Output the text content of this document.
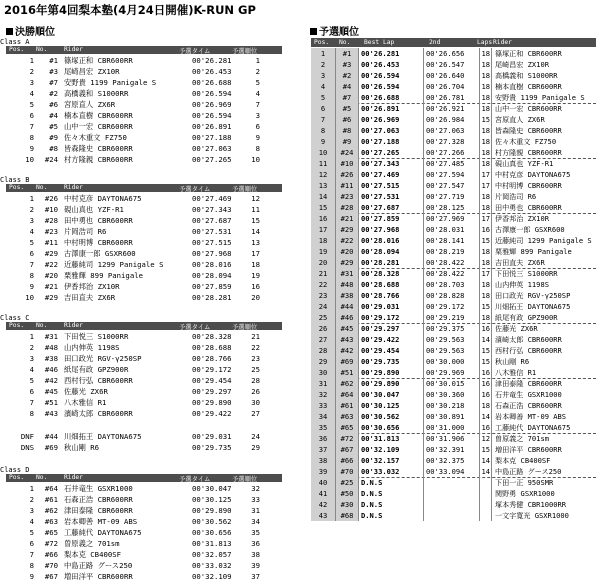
2016年第4回梨本塾(4月24日開催)K-RUN GP
決勝順位	予選順位
Class A
Pos. No.	Rider	予選タイム	予選順位
1	#1 篠塚正和 CBR600RR	00'26.281	1
2	#3 尾崎昌宏 ZX10R	00'26.453	2
3	#7 安野貴 1199 Panigale S	00'26.688	5
4	#2 高橋義和 S1000RR	00'26.594	4
5	#6 宮原直人 ZX6R	00'26.969	7
6	#4 楠本直樹 CBR600RR	00'26.594	3
7	#5 山中一宏 CBR600RR	00'26.891	6
8	#9 佐々木重文 FZ750	00'27.188	9
9	#8 皆森隆史 CBR600RR	00'27.063	8
10	#24 村方隆親 CBR600RR	00'27.265	10
Class B
Pos. No.	Rider	予選タイム	予選順位
1	#26 中村克彦 DAYTONA675	00'27.469	12
2	#10 硯山真也 YZF-R1	00'27.343	11
3	#28 田中勇也 CBR600RR	00'27.687	15
4	#23 片岡浩司 R6	00'27.531	14
5	#11 中村明博 CBR600RR	00'27.515	13
6	#29 古澤康一郎 GSXR600	00'27.968	17
7	#22 近藤純司 1299 Panigale S	00'28.016	18
8	#20 栗雅輝 899 Panigale	00'28.094	19
9	#21 伊香邦治 ZX10R	00'27.859	16
10	#29 吉田直夫 ZX6R	00'28.281	20
Class C
Pos. No.	Rider	予選タイム	予選順位
1	#31 下田悦三 S1000RR	00'28.328	21
2	#48 山内伸英 1198S	00'28.688	22
3	#38 田口政光 RGV-γ250SP	00'28.766	23
4	#46 紙尾有政 GPZ900R	00'29.172	25
5	#42 西村行弘 CBR600RR	00'29.454	28
6	#45 佐藤光 ZX6R	00'29.297	26
7	#51 八木雅信 R1	00'29.890	30
8	#43 濱崎太郎 CBR600RR	00'29.422	27
DNF	#44 川畑拓王 DAYTONA675	00'29.031	24
DNS	#69 秋山剛 R6	00'29.735	29
Class D
Pos. No.	Rider	予選タイム	予選順位
1	#64 石井竜生 GSXR1000	00'30.047	32
2	#61 石森正浩 CBR600RR	00'30.125	33
3	#62 津田泰隆 CBR600RR	00'29.890	31
4	#63 岩本卿善 MT-09 ABS	00'30.562	34
5	#65 工藤純代 DAYTONA675	00'30.656	35
6	#72 曽原義之 701sm	00'31.813	36
7	#66 梨本克 CB400SF	00'32.057	38
8	#70 中島正路 グース250	00'33.032	39
9	#67 増田洋平 CBR600RR	00'32.109	37
Pos. No. Best Lap	2nd	Laps Rider
1	#1	00'26.281	00'26.656	18 篠塚正和 CBR600RR
2	#3	00'26.453	00'26.547	18 尾崎昌宏 ZX10R
3	#2	00'26.594	00'26.640	18 高橋義和 S1000RR
4	#4	00'26.594	00'26.704	18 楠本直樹 CBR600RR
5	#7	00'26.688	00'26.781	18 安野貴 1199 Panigale S
6	#5	00'26.891	00'26.921	18 山中一宏 CBR600RR
7	#6	00'26.969	00'26.984	15 宮原直人 ZX6R
8	#8	00'27.063	00'27.063	18 皆森隆史 CBR600RR
9	#9	00'27.188	00'27.328	18 佐々木重文 FZ750
10	#24	00'27.265	00'27.266	18 村方隆親 CBR600RR
11	#10	00'27.343	00'27.485	18 硯山真也 YZF-R1
12	#26	00'27.469	00'27.594	17 中村克彦 DAYTONA675
13	#11	00'27.515	00'27.547	17 中村明博 CBR600RR
14	#23	00'27.531	00'27.719	18 片岡浩司 R6
15	#28	00'27.687	00'28.125	18 田中勇也 CBR600RR
16	#21	00'27.859	00'27.969	17 伊香邦治 ZX10R
17	#29	00'27.968	00'28.031	16 古澤康一郎 GSXR600
18	#22	00'28.016	00'28.141	15 近藤純司 1299 Panigale S
19	#20	00'28.094	00'28.219	18 栗雅輝 899 Panigale
20	#29	00'28.281	00'28.422	18 吉田直夫 ZX6R
21	#31	00'28.328	00'28.422	17 下田悦三 S1000RR
22	#48	00'28.688	00'28.703	18 山内伸英 1198S
23	#38	00'28.766	00'28.828	18 田口政光 RGV-γ250SP
24	#44	00'29.031	00'29.172	15 川畑拓王 DAYTONA675
25	#46	00'29.172	00'29.219	18 紙尾有政 GPZ900R
26	#45	00'29.297	00'29.375	16 佐藤光 ZX6R
27	#43	00'29.422	00'29.563	14 濱崎太郎 CBR600RR
28	#42	00'29.454	00'29.563	15 西村行弘 CBR600RR
29	#69	00'29.735	00'30.000	15 秋山剛 R6
30	#51	00'29.890	00'29.969	16 八木雅信 R1
31	#62	00'29.890	00'30.015	16 津田泰隆 CBR600RR
32	#64	00'30.047	00'30.360	16 石井竜生 GSXR1000
33	#61	00'30.125	00'30.218	18 石森正浩 CBR600RR
34	#63	00'30.562	00'30.891	14 岩本卿善 MT-09 ABS
35	#65	00'30.656	00'31.000	16 工藤純代 DAYTONA675
36	#72	00'31.813	00'31.906	12 曽原義之 701sm
37	#67	00'32.109	00'32.391	15 増田洋平 CBR600RR
38	#66	00'32.157	00'32.375	14 梨本克 CB400SF
39	#70	00'33.032	00'33.094	14 中島正路 グース250
40	#25	D.N.S	下田一正 950SMR
41	#50	D.N.S	関野勇 GSXR1000
42	#30	D.N.S	塚本秀健 CBR1000RR
43	#68	D.N.S	一文字寛光 GSXR1000
